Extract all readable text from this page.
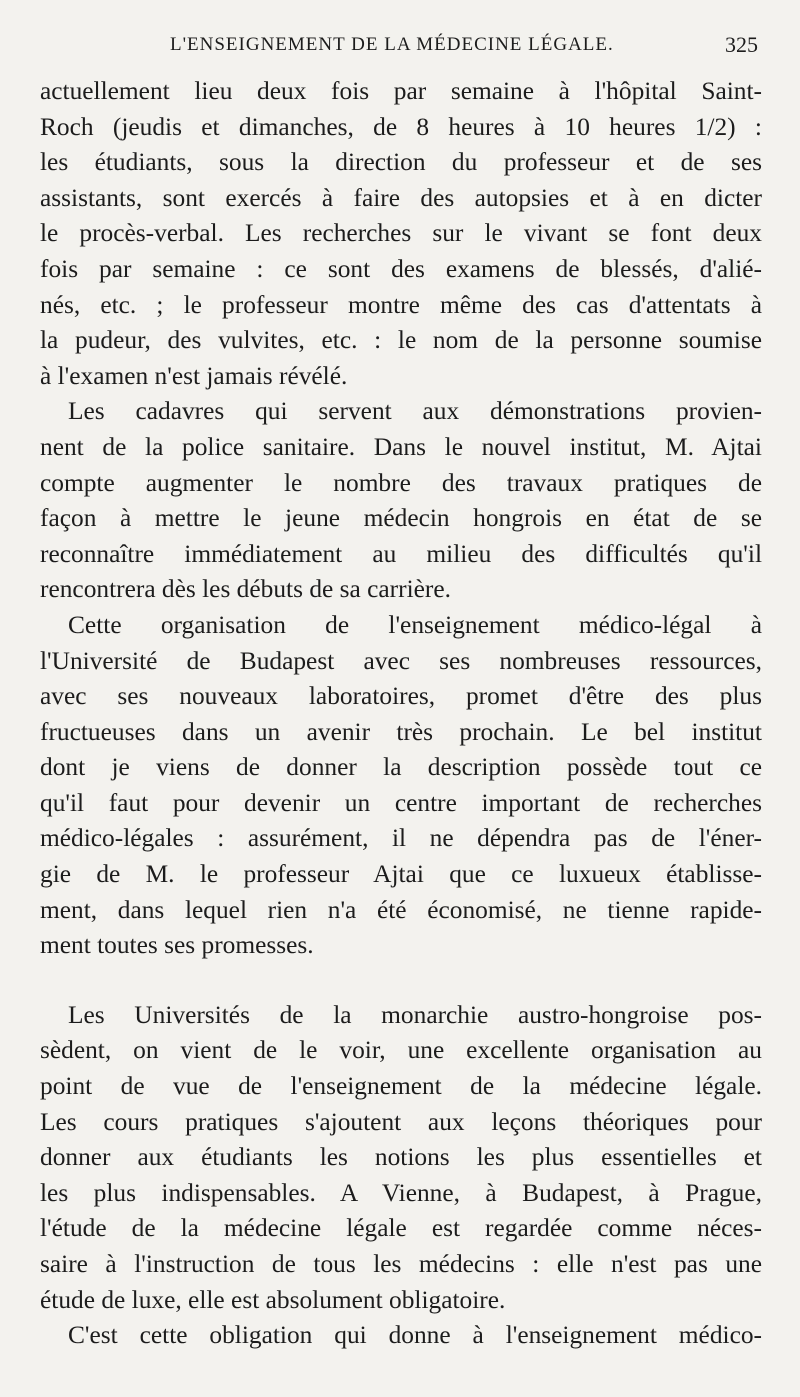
L'ENSEIGNEMENT DE LA MÉDECINE LÉGALE.	325

actuellement lieu deux fois par semaine à l'hôpital Saint-
Roch (jeudis et dimanches, de 8 heures à 10 heures 1/2) :
les étudiants, sous la direction du professeur et de ses
assistants, sont exercés à faire des autopsies et à en dicter
le procès-verbal. Les recherches sur le vivant se font deux
fois par semaine : ce sont des examens de blessés, d'alié-
nés, etc. ; le professeur montre même des cas d'attentats à
la pudeur, des vulvites, etc. : le nom de la personne soumise
à l'examen n'est jamais révélé.

Les cadavres qui servent aux démonstrations provien-
nent de la police sanitaire. Dans le nouvel institut, M. Ajtai
compte augmenter le nombre des travaux pratiques de
façon à mettre le jeune médecin hongrois en état de se
reconnaître immédiatement au milieu des difficultés qu'il
rencontrera dès les débuts de sa carrière.

Cette organisation de l'enseignement médico-légal à
l'Université de Budapest avec ses nombreuses ressources,
avec ses nouveaux laboratoires, promet d'être des plus
fructueuses dans un avenir très prochain. Le bel institut
dont je viens de donner la description possède tout ce
qu'il faut pour devenir un centre important de recherches
médico-légales : assurément, il ne dépendra pas de l'éner-
gie de M. le professeur Ajtai que ce luxueux établisse-
ment, dans lequel rien n'a été économisé, ne tienne rapide-
ment toutes ses promesses.

Les Universités de la monarchie austro-hongroise pos-
sèdent, on vient de le voir, une excellente organisation au
point de vue de l'enseignement de la médecine légale.
Les cours pratiques s'ajoutent aux leçons théoriques pour
donner aux étudiants les notions les plus essentielles et
les plus indispensables. A Vienne, à Budapest, à Prague,
l'étude de la médecine légale est regardée comme néces-
saire à l'instruction de tous les médecins : elle n'est pas une
étude de luxe, elle est absolument obligatoire.

C'est cette obligation qui donne à l'enseignement médico-
